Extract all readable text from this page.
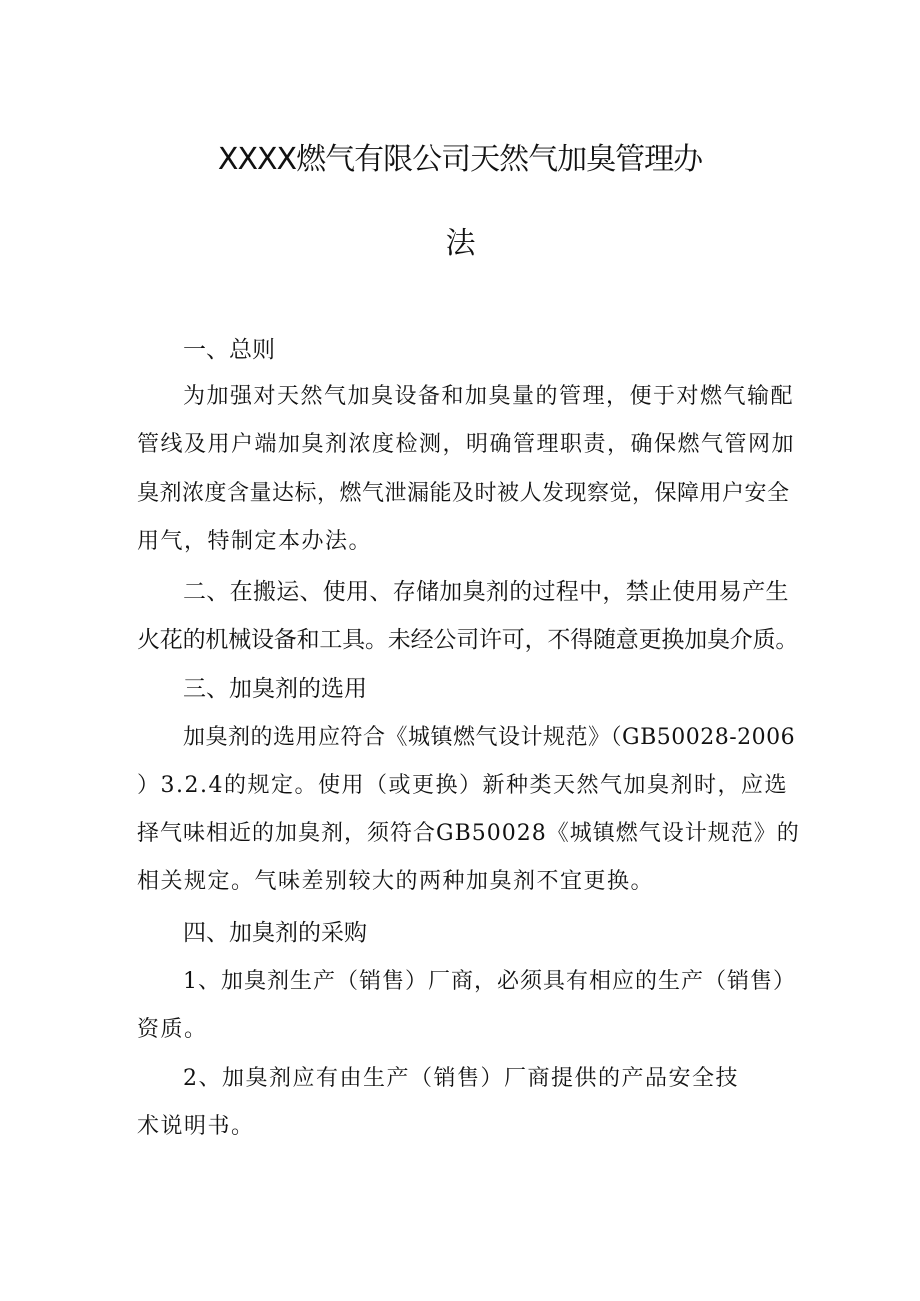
XXXX燃气有限公司天然气加臭管理办
法

一、总则

为加强对天然气加臭设备和加臭量的管理，便于对燃气输配

管线及用户端加臭剂浓度检测，明确管理职责，确保燃气管网加

臭剂浓度含量达标，燃气泄漏能及时被人发现察觉，保障用户安全

用气，特制定本办法。

二、在搬运、使用、存储加臭剂的过程中，禁止使用易产生

火花的机械设备和工具。未经公司许可，不得随意更换加臭介质。

三、加臭剂的选用

加臭剂的选用应符合《城镇燃气设计规范》（GB50028-2006

）3.2.4的规定。使用（或更换）新种类天然气加臭剂时，应选

择气味相近的加臭剂，须符合GB50028《城镇燃气设计规范》的

相关规定。气味差别较大的两种加臭剂不宜更换。

四、加臭剂的采购

1、加臭剂生产（销售）厂商，必须具有相应的生产（销售）

资质。

2、加臭剂应有由生产（销售）厂商提供的产品安全技

术说明书。
